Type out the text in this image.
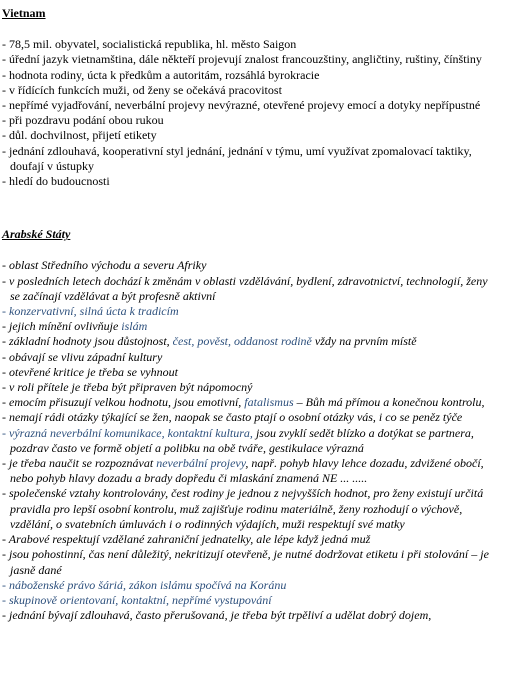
Vietnam

- 78,5 mil. obyvatel, socialistická republika, hl. město Saigon

- úřední jazyk vietnamština, dále někteří projevují znalost francouzštiny, angličtiny, ruštiny, čínštiny

- hodnota rodiny, úcta k předkům a autoritám, rozsáhlá byrokracie

- v řídících funkcích muži, od ženy se očekává pracovitost

- nepřímé vyjadřování, neverbální projevy nevýrazné, otevřené projevy emocí a dotyky nepřípustné

- při pozdravu podání obou rukou

- důl. dochvilnost, přijetí etikety

- jednání zdlouhavá, kooperativní styl jednání, jednání v týmu, umí využívat zpomalovací taktiky, doufají v ústupky

- hledí do budoucnosti

Arabské Státy

- oblast Středního východu a severu Afriky

- v posledních letech dochází k změnám v oblasti vzdělávání, bydlení, zdravotnictví, technologií, ženy se začínají vzdělávat a být profesně aktivní

- konzervativní, silná úcta k tradicím

- jejich mínění ovlivňuje islám

- základní hodnoty jsou důstojnost, čest, pověst, oddanost rodině vždy na prvním místě

- obávají se vlivu západní kultury

- otevřené kritice je třeba se vyhnout

- v roli přítele je třeba být připraven být nápomocný

- emocím přisuzují velkou hodnotu, jsou emotivní, fatalismus – Bůh má přímou a konečnou kontrolu,

- nemají rádi otázky týkající se žen, naopak se často ptají o osobní otázky vás, i co se peněz týče

- výrazná neverbální komunikace, kontaktní kultura, jsou zvyklí sedět blízko a dotýkat se partnera, pozdrav často ve formě objetí a polibku na obě tváře, gestikulace výrazná

- je třeba naučit se rozpoznávat neverbální projevy, např. pohyb hlavy lehce dozadu, zdvižené obočí, nebo pohyb hlavy dozadu a brady dopředu či mlaskání znamená NE ... .....

- společenské vztahy kontrolovány, čest rodiny je jednou z nejvyšších hodnot, pro ženy existují určitá pravidla pro lepší osobní kontrolu, muž zajišťuje rodinu materiálně, ženy rozhodují o výchově, vzdělání, o svatebních úmluvách i o rodinných výdajích, muži respektují své matky

- Arabové respektují vzdělané zahraniční jednatelky, ale lépe když jedná muž

- jsou pohostinní, čas není důležitý, nekritizují otevřeně, je nutné dodržovat etiketu i při stolování – je jasně dané

- náboženské právo šáriá, zákon islámu spočívá na Koránu

- skupinově orientovaní, kontaktní, nepřímé vystupování

- jednání bývají zdlouhavá, často přerušovaná, je třeba být trpěliví a udělat dobrý dojem,
